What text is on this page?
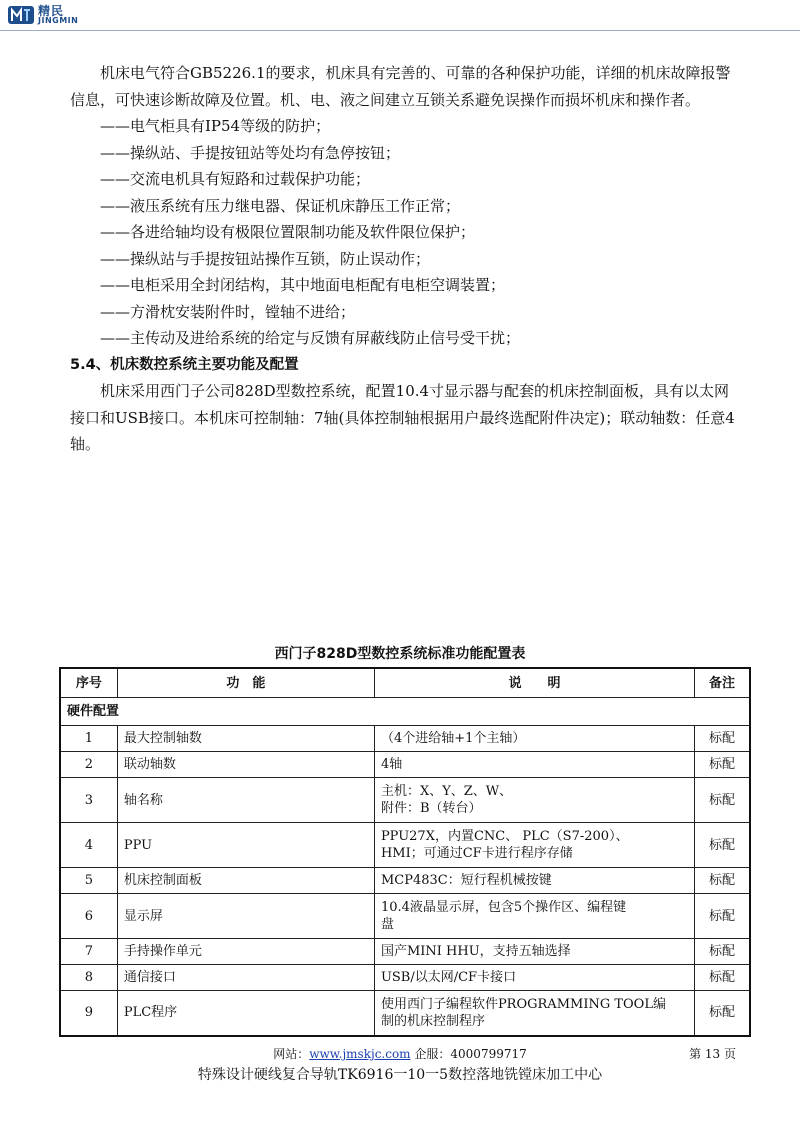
精民
JINGMIN

机床电气符合GB5226.1的要求，机床具有完善的、可靠的各种保护功能，详细的机床故障报警信息，可快速诊断故障及位置。机、电、液之间建立互锁关系避免误操作而损坏机床和操作者。

——电气柜具有IP54等级的防护；

——操纵站、手提按钮站等处均有急停按钮；

——交流电机具有短路和过载保护功能；

——液压系统有压力继电器、保证机床静压工作正常；

——各进给轴均设有极限位置限制功能及软件限位保护；

——操纵站与手提按钮站操作互锁，防止误动作；

——电柜采用全封闭结构，其中地面电柜配有电柜空调装置；

——方滑枕安装附件时，镗轴不进给；

——主传动及进给系统的给定与反馈有屏蔽线防止信号受干扰；

5.4、机床数控系统主要功能及配置

机床采用西门子公司828D型数控系统，配置10.4寸显示器与配套的机床控制面板，具有以太网接口和USB接口。本机床可控制轴：7轴(具体控制轴根据用户最终选配附件决定)；联动轴数：任意4轴。

西门子828D型数控系统标准功能配置表
序号	功　能	说　　明	备注
硬件配置			
1	最大控制轴数	（4个进给轴+1个主轴）	标配
2	联动轴数	4轴	标配
3	轴名称	主机：X、Y、Z、W、
附件：B（转台）	标配
4	PPU	PPU27X，内置CNC、 PLC（S7-200）、
HMI；可通过CF卡进行程序存储	标配
5	机床控制面板	MCP483C：短行程机械按键	标配
6	显示屏	10.4液晶显示屏，包含5个操作区、编程键
盘	标配
7	手持操作单元	国产MINI HHU，支持五轴选择	标配
8	通信接口	USB/以太网/CF卡接口	标配
9	PLC程序	使用西门子编程软件PROGRAMMING TOOL编
制的机床控制程序	标配
网站：www.jmskjc.com 企服：4000799717	第 13 页
特殊设计硬线复合导轨TK6916一10一5数控落地铣镗床加工中心
